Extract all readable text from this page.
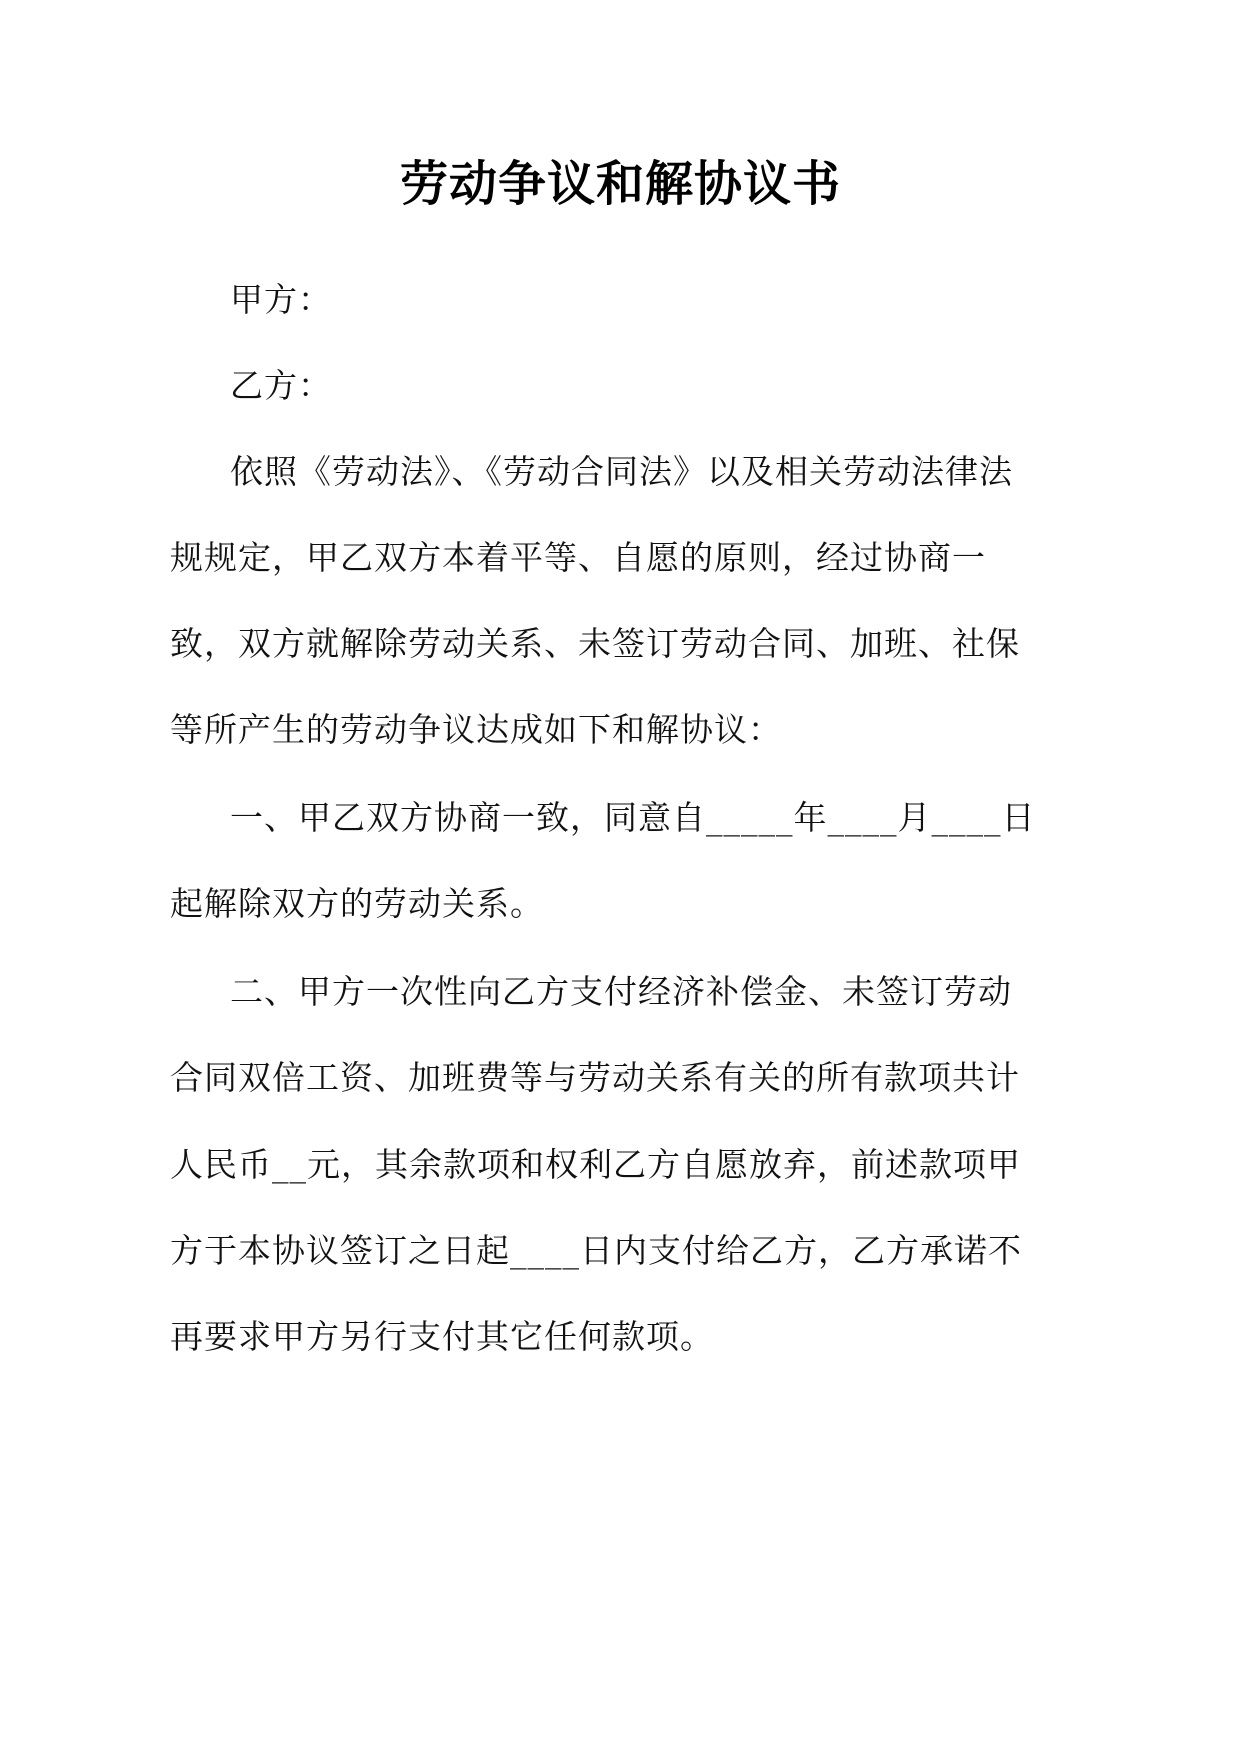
劳动争议和解协议书
甲方：
乙方：
依照《劳动法》、《劳动合同法》以及相关劳动法律法
规规定，甲乙双方本着平等、自愿的原则，经过协商一
致，双方就解除劳动关系、未签订劳动合同、加班、社保
等所产生的劳动争议达成如下和解协议：
一、甲乙双方协商一致，同意自_____年____月____日
起解除双方的劳动关系。
二、甲方一次性向乙方支付经济补偿金、未签订劳动
合同双倍工资、加班费等与劳动关系有关的所有款项共计
人民币__元，其余款项和权利乙方自愿放弃，前述款项甲
方于本协议签订之日起____日内支付给乙方，乙方承诺不
再要求甲方另行支付其它任何款项。
